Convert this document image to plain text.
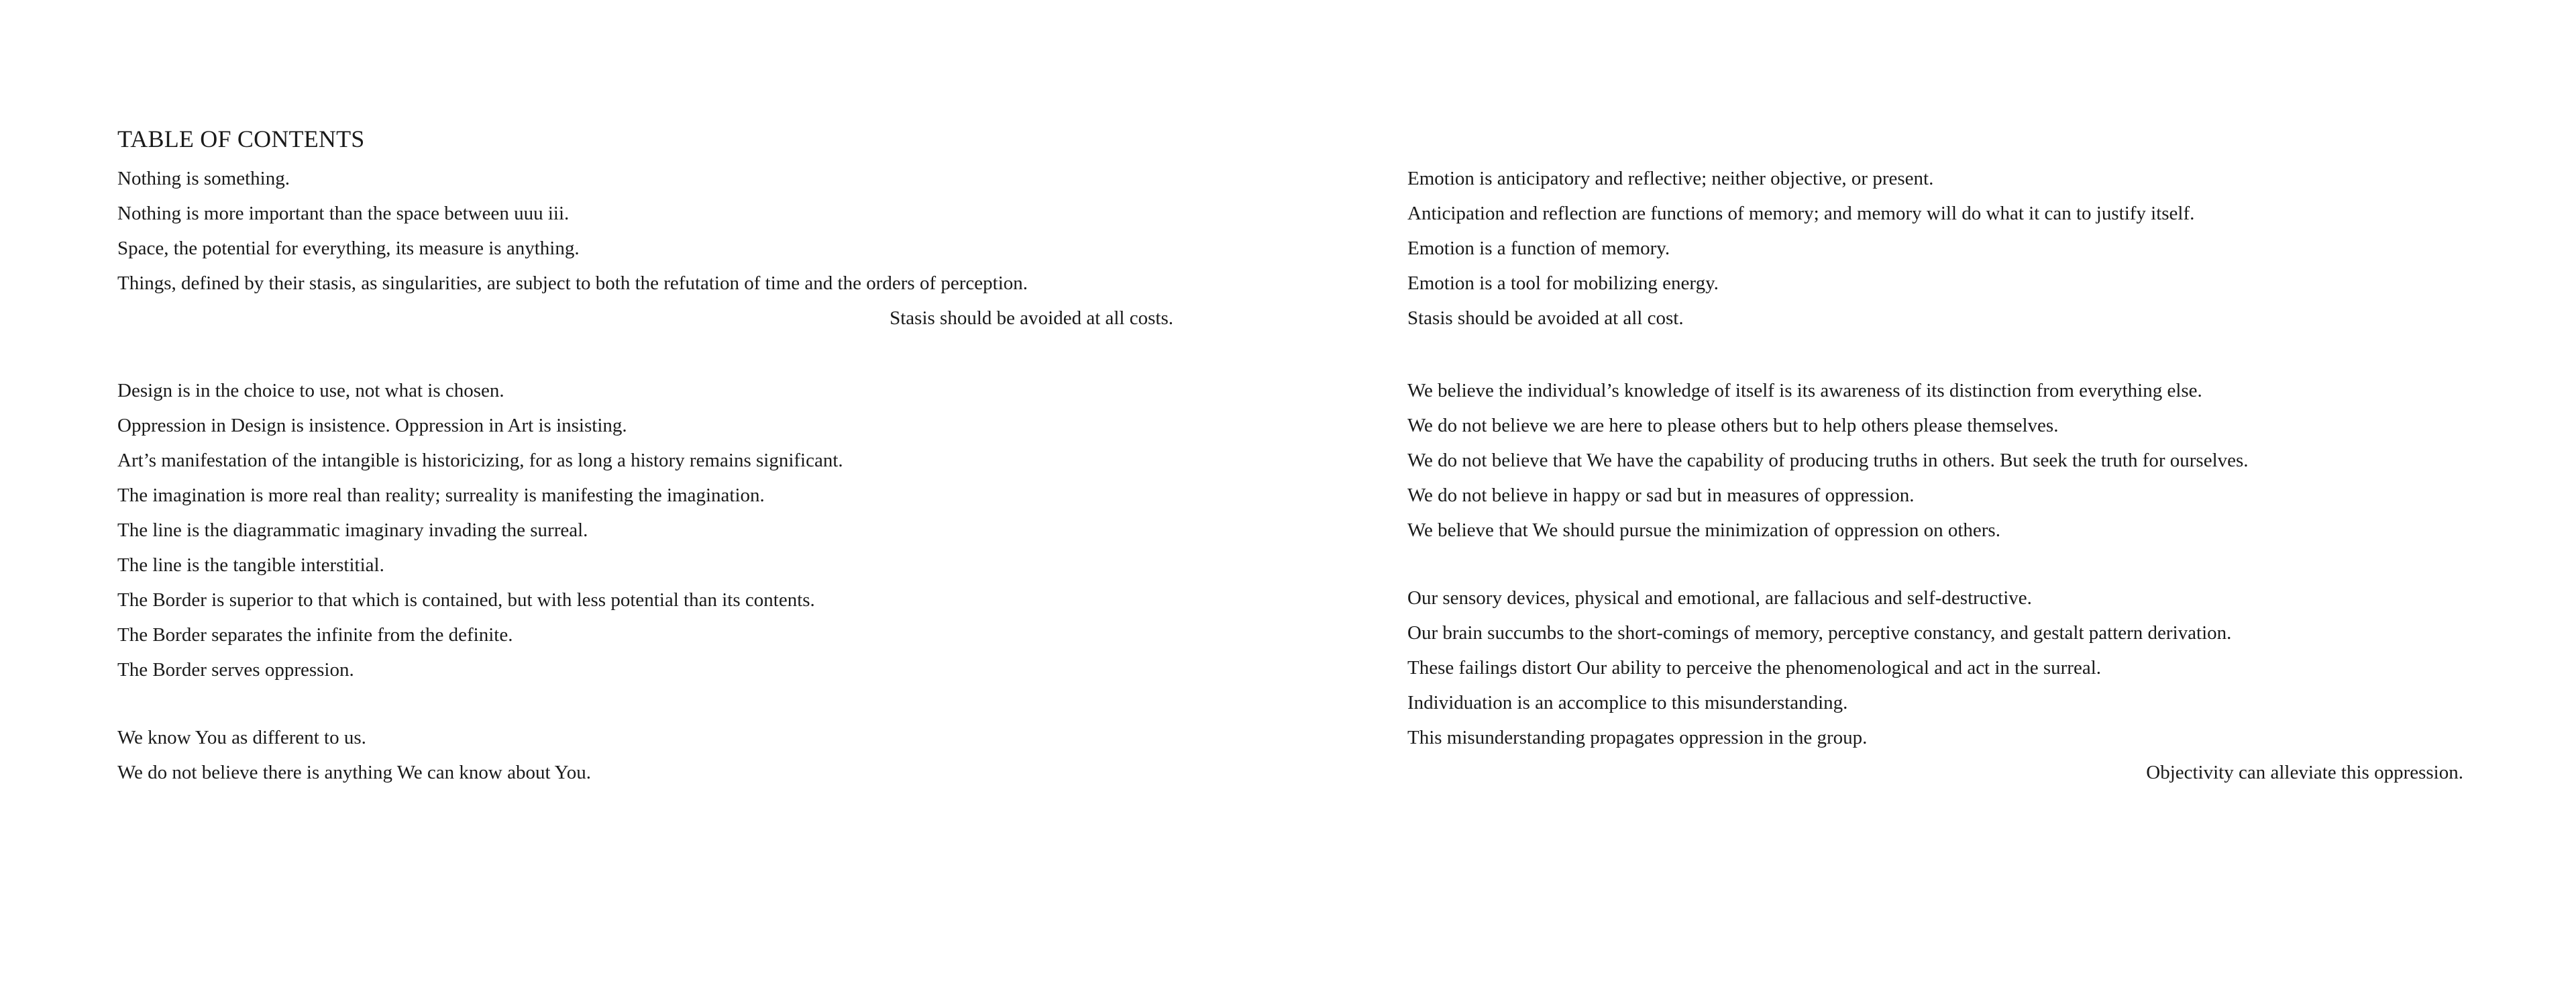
TABLE OF CONTENTS
Nothing is something.
Nothing is more important than the space between uuu iii.
Space, the potential for everything, its measure is anything.
Things, defined by their stasis, as singularities, are subject to both the refutation of time and the orders of perception.
Stasis should be avoided at all costs.
Design is in the choice to use, not what is chosen.
Oppression in Design is insistence. Oppression in Art is insisting.
Art’s manifestation of the intangible is historicizing, for as long a history remains significant.
The imagination is more real than reality; surreality is manifesting the imagination.
The line is the diagrammatic imaginary invading the surreal.
The line is the tangible interstitial.
The Border is superior to that which is contained, but with less potential than its contents.
The Border separates the infinite from the definite.
The Border serves oppression.
We know You as different to us.
We do not believe there is anything We can know about You.
Emotion is anticipatory and reflective; neither objective, or present.
Anticipation and reflection are functions of memory; and memory will do what it can to justify itself.
Emotion is a function of memory.
Emotion is a tool for mobilizing energy.
Stasis should be avoided at all cost.
We believe the individual’s knowledge of itself is its awareness of its distinction from everything else.
We do not believe we are here to please others but to help others please themselves.
We do not believe that We have the capability of producing truths in others. But seek the truth for ourselves.
We do not believe in happy or sad but in measures of oppression.
We believe that We should pursue the minimization of oppression on others.
Our sensory devices, physical and emotional, are fallacious and self-destructive.
Our brain succumbs to the short-comings of memory, perceptive constancy, and gestalt pattern derivation.
These failings distort Our ability to perceive the phenomenological and act in the surreal.
Individuation is an accomplice to this misunderstanding.
This misunderstanding propagates oppression in the group.
Objectivity can alleviate this oppression.
